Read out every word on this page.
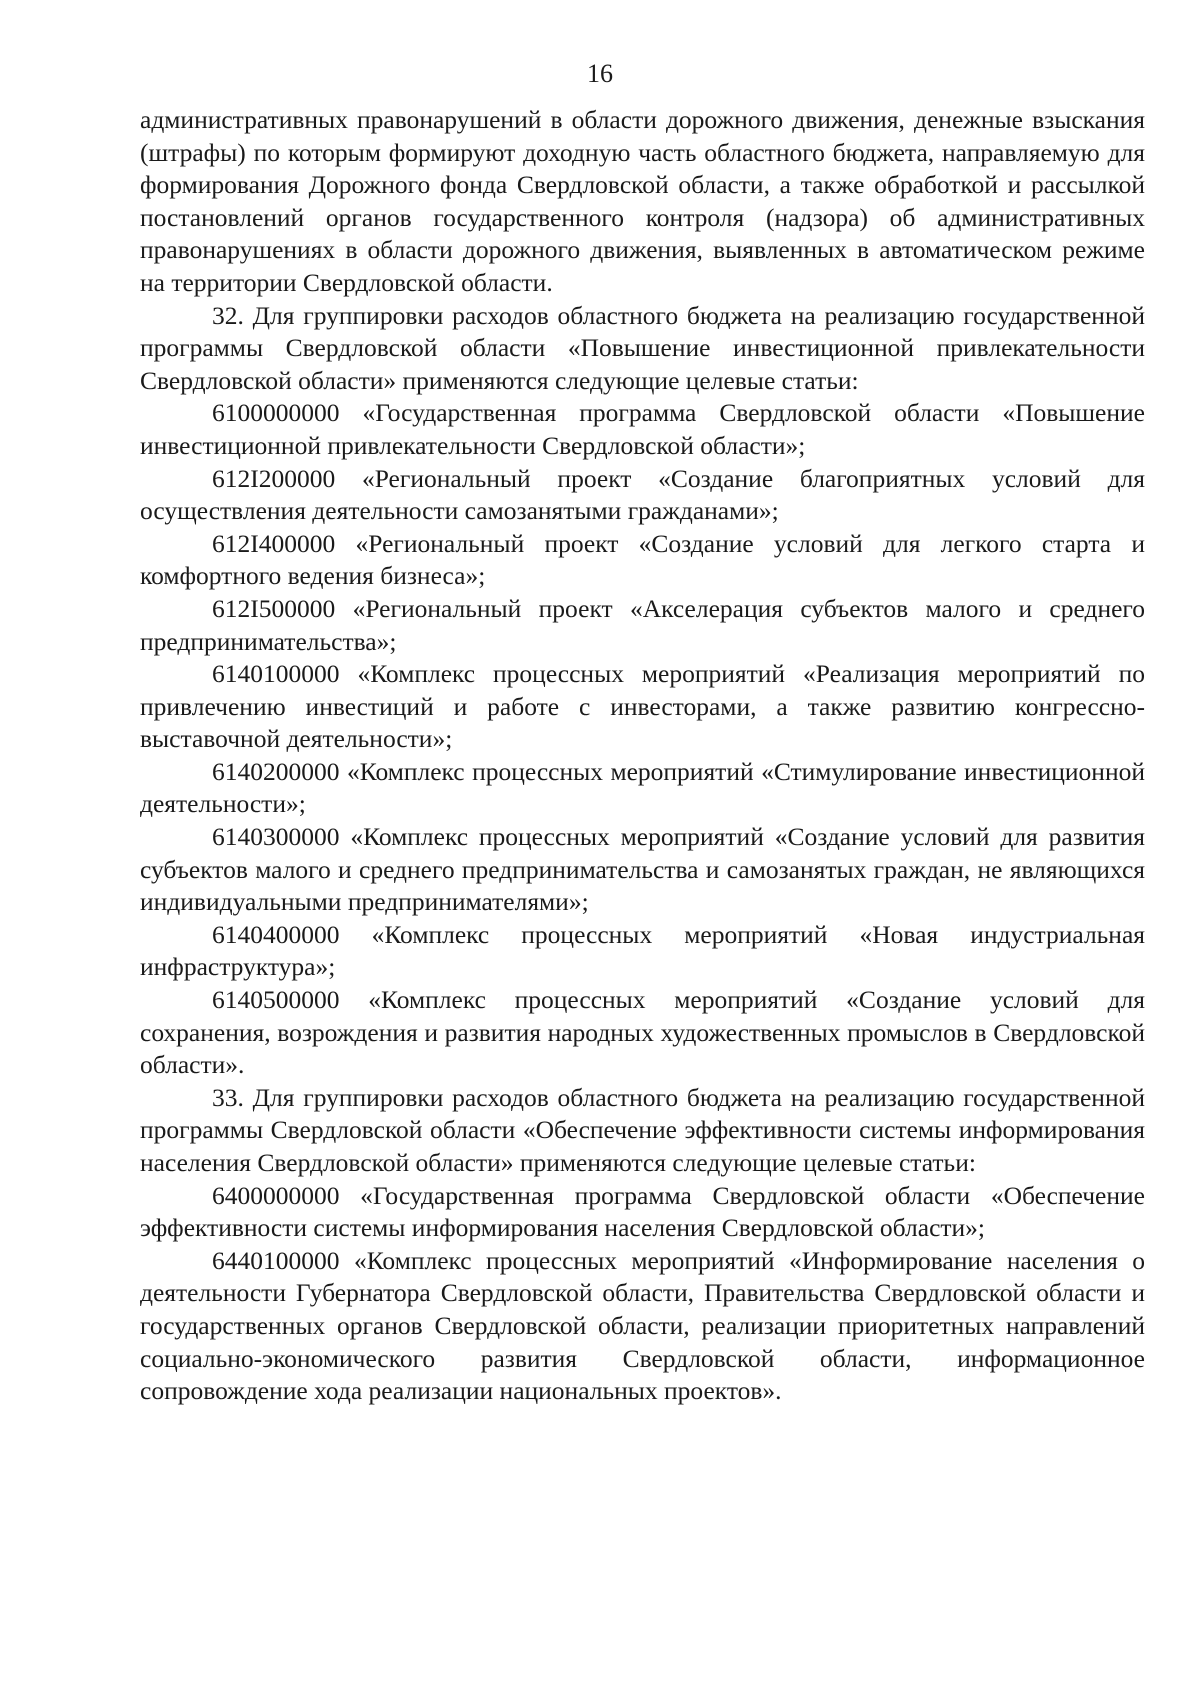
16

административных правонарушений в области дорожного движения, денежные взыскания (штрафы) по которым формируют доходную часть областного бюджета, направляемую для формирования Дорожного фонда Свердловской области, а также обработкой и рассылкой постановлений органов государственного контроля (надзора) об административных правонарушениях в области дорожного движения, выявленных в автоматическом режиме на территории Свердловской области.

32. Для группировки расходов областного бюджета на реализацию государственной программы Свердловской области «Повышение инвестиционной привлекательности Свердловской области» применяются следующие целевые статьи:

6100000000 «Государственная программа Свердловской области «Повышение инвестиционной привлекательности Свердловской области»;

612I200000 «Региональный проект «Создание благоприятных условий для осуществления деятельности самозанятыми гражданами»;

612I400000 «Региональный проект «Создание условий для легкого старта и комфортного ведения бизнеса»;

612I500000 «Региональный проект «Акселерация субъектов малого и среднего предпринимательства»;

6140100000 «Комплекс процессных мероприятий «Реализация мероприятий по привлечению инвестиций и работе с инвесторами, а также развитию конгрессно-выставочной деятельности»;

6140200000 «Комплекс процессных мероприятий «Стимулирование инвестиционной деятельности»;

6140300000 «Комплекс процессных мероприятий «Создание условий для развития субъектов малого и среднего предпринимательства и самозанятых граждан, не являющихся индивидуальными предпринимателями»;

6140400000 «Комплекс процессных мероприятий «Новая индустриальная инфраструктура»;

6140500000 «Комплекс процессных мероприятий «Создание условий для сохранения, возрождения и развития народных художественных промыслов в Свердловской области».

33. Для группировки расходов областного бюджета на реализацию государственной программы Свердловской области «Обеспечение эффективности системы информирования населения Свердловской области» применяются следующие целевые статьи:

6400000000 «Государственная программа Свердловской области «Обеспечение эффективности системы информирования населения Свердловской области»;

6440100000 «Комплекс процессных мероприятий «Информирование населения о деятельности Губернатора Свердловской области, Правительства Свердловской области и государственных органов Свердловской области, реализации приоритетных направлений социально-экономического развития Свердловской области, информационное сопровождение хода реализации национальных проектов».
